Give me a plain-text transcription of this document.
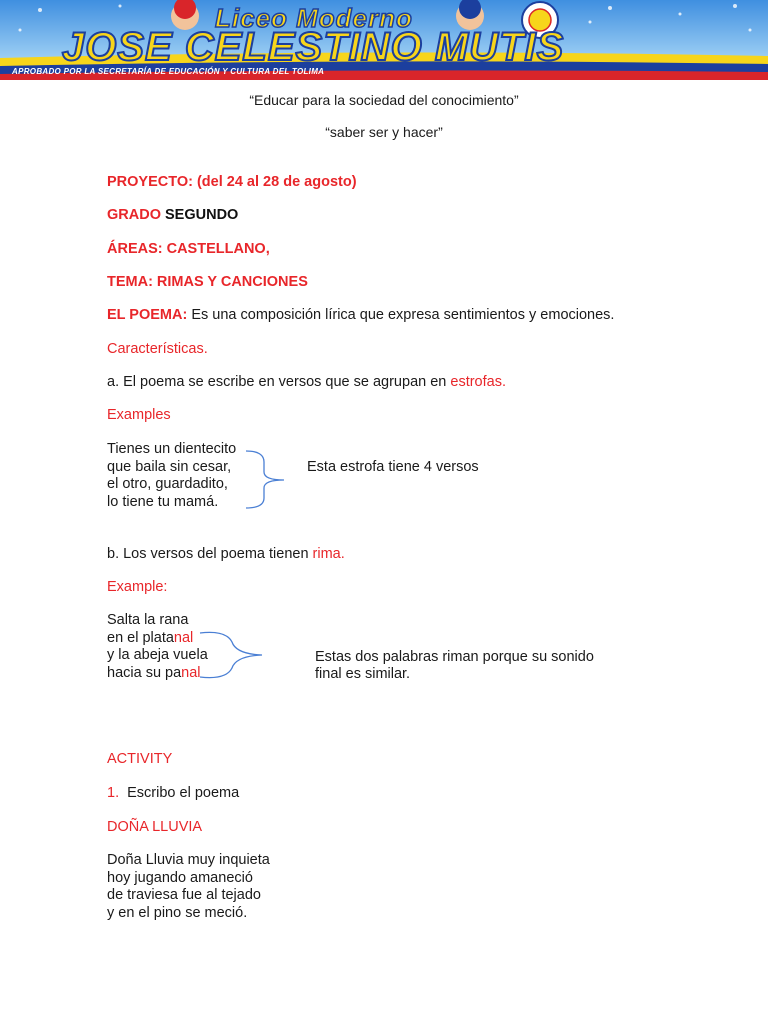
Liceo Moderno
JOSE CELESTINO MUTIS
APROBADO POR LA SECRETARÍA DE EDUCACIÓN Y CULTURA DEL TOLIMA
“Educar para la sociedad del conocimiento”
“saber ser y hacer”
PROYECTO: (del 24 al 28 de agosto)
GRADO SEGUNDO
ÁREAS: CASTELLANO,
TEMA: RIMAS Y CANCIONES
EL POEMA: Es una composición lírica que expresa sentimientos y emociones.
Características.
a. El poema se escribe en versos que se agrupan en estrofas.
Examples
Tienes un dientecito
que baila sin cesar,
el otro, guardadito,
lo tiene tu mamá.
Esta estrofa tiene 4 versos
b. Los versos del poema tienen rima.
Example:
Salta la rana
en el platanal
y la abeja vuela
hacia su panal
Estas dos palabras riman porque su sonido
final es similar.
ACTIVITY
1. Escribo el poema
DOÑA LLUVIA
Doña Lluvia muy inquieta
hoy jugando amaneció
de traviesa fue al tejado
y en el pino se meció.
